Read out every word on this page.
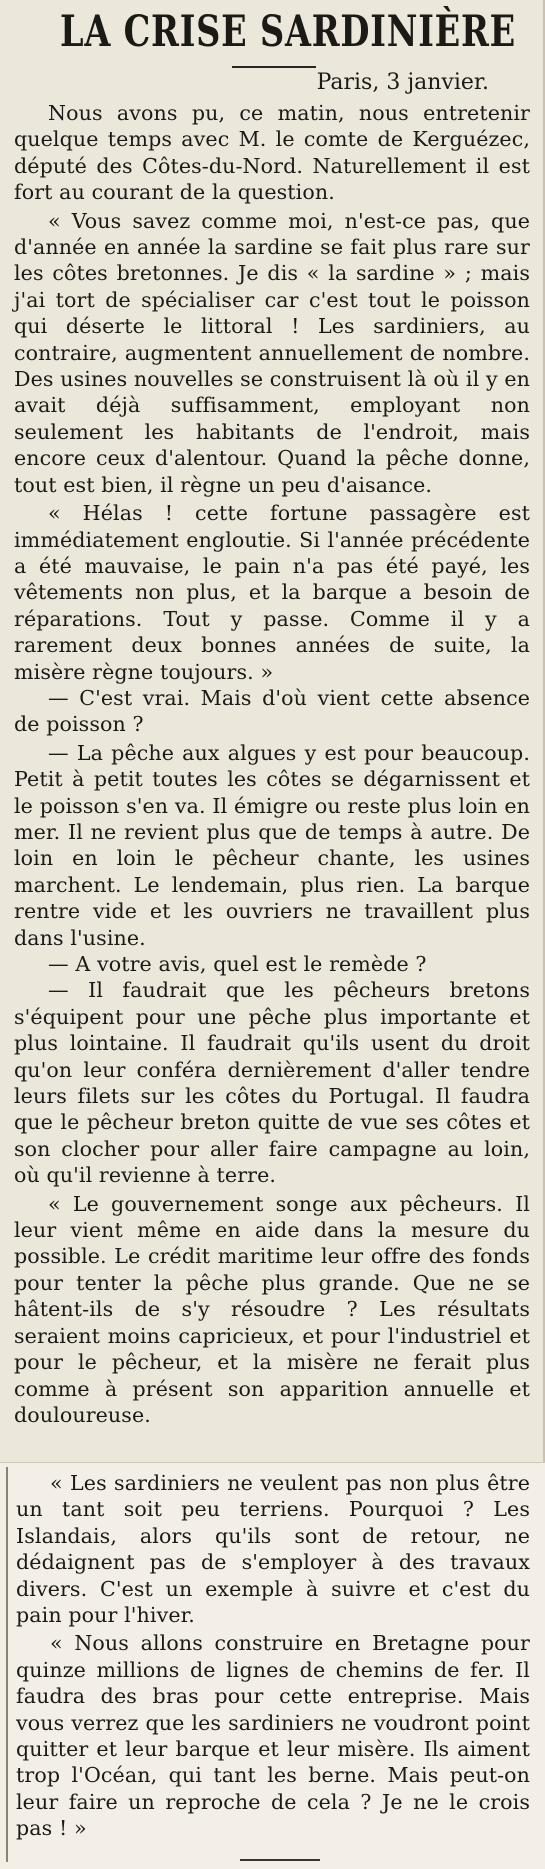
LA CRISE SARDINIÈRE
Paris, 3 janvier.

Nous avons pu, ce matin, nous entretenir quelque temps avec M. le comte de Kerguézec, député des Côtes-du-Nord. Naturellement il est fort au courant de la question.

« Vous savez comme moi, n'est-ce pas, que d'année en année la sardine se fait plus rare sur les côtes bretonnes. Je dis « la sardine » ; mais j'ai tort de spécialiser car c'est tout le poisson qui déserte le littoral ! Les sardiniers, au contraire, augmentent annuellement de nombre. Des usines nouvelles se construisent là où il y en avait déjà suffisamment, employant non seulement les habitants de l'endroit, mais encore ceux d'alentour. Quand la pêche donne, tout est bien, il règne un peu d'aisance.

« Hélas ! cette fortune passagère est immédiatement engloutie. Si l'année précédente a été mauvaise, le pain n'a pas été payé, les vêtements non plus, et la barque a besoin de réparations. Tout y passe. Comme il y a rarement deux bonnes années de suite, la misère règne toujours. »

— C'est vrai. Mais d'où vient cette absence de poisson ?

— La pêche aux algues y est pour beaucoup. Petit à petit toutes les côtes se dégarnissent et le poisson s'en va. Il émigre ou reste plus loin en mer. Il ne revient plus que de temps à autre. De loin en loin le pêcheur chante, les usines marchent. Le lendemain, plus rien. La barque rentre vide et les ouvriers ne travaillent plus dans l'usine.

— A votre avis, quel est le remède ?

— Il faudrait que les pêcheurs bretons s'équipent pour une pêche plus importante et plus lointaine. Il faudrait qu'ils usent du droit qu'on leur conféra dernièrement d'aller tendre leurs filets sur les côtes du Portugal. Il faudra que le pêcheur breton quitte de vue ses côtes et son clocher pour aller faire campagne au loin, où qu'il revienne à terre.

« Le gouvernement songe aux pêcheurs. Il leur vient même en aide dans la mesure du possible. Le crédit maritime leur offre des fonds pour tenter la pêche plus grande. Que ne se hâtent-ils de s'y résoudre ? Les résultats seraient moins capricieux, et pour l'industriel et pour le pêcheur, et la misère ne ferait plus comme à présent son apparition annuelle et douloureuse.

« Les sardiniers ne veulent pas non plus être un tant soit peu terriens. Pourquoi ? Les Islandais, alors qu'ils sont de retour, ne dédaignent pas de s'employer à des travaux divers. C'est un exemple à suivre et c'est du pain pour l'hiver.

« Nous allons construire en Bretagne pour quinze millions de lignes de chemins de fer. Il faudra des bras pour cette entreprise. Mais vous verrez que les sardiniers ne voudront point quitter et leur barque et leur misère. Ils aiment trop l'Océan, qui tant les berne. Mais peut-on leur faire un reproche de cela ? Je ne le crois pas ! »
